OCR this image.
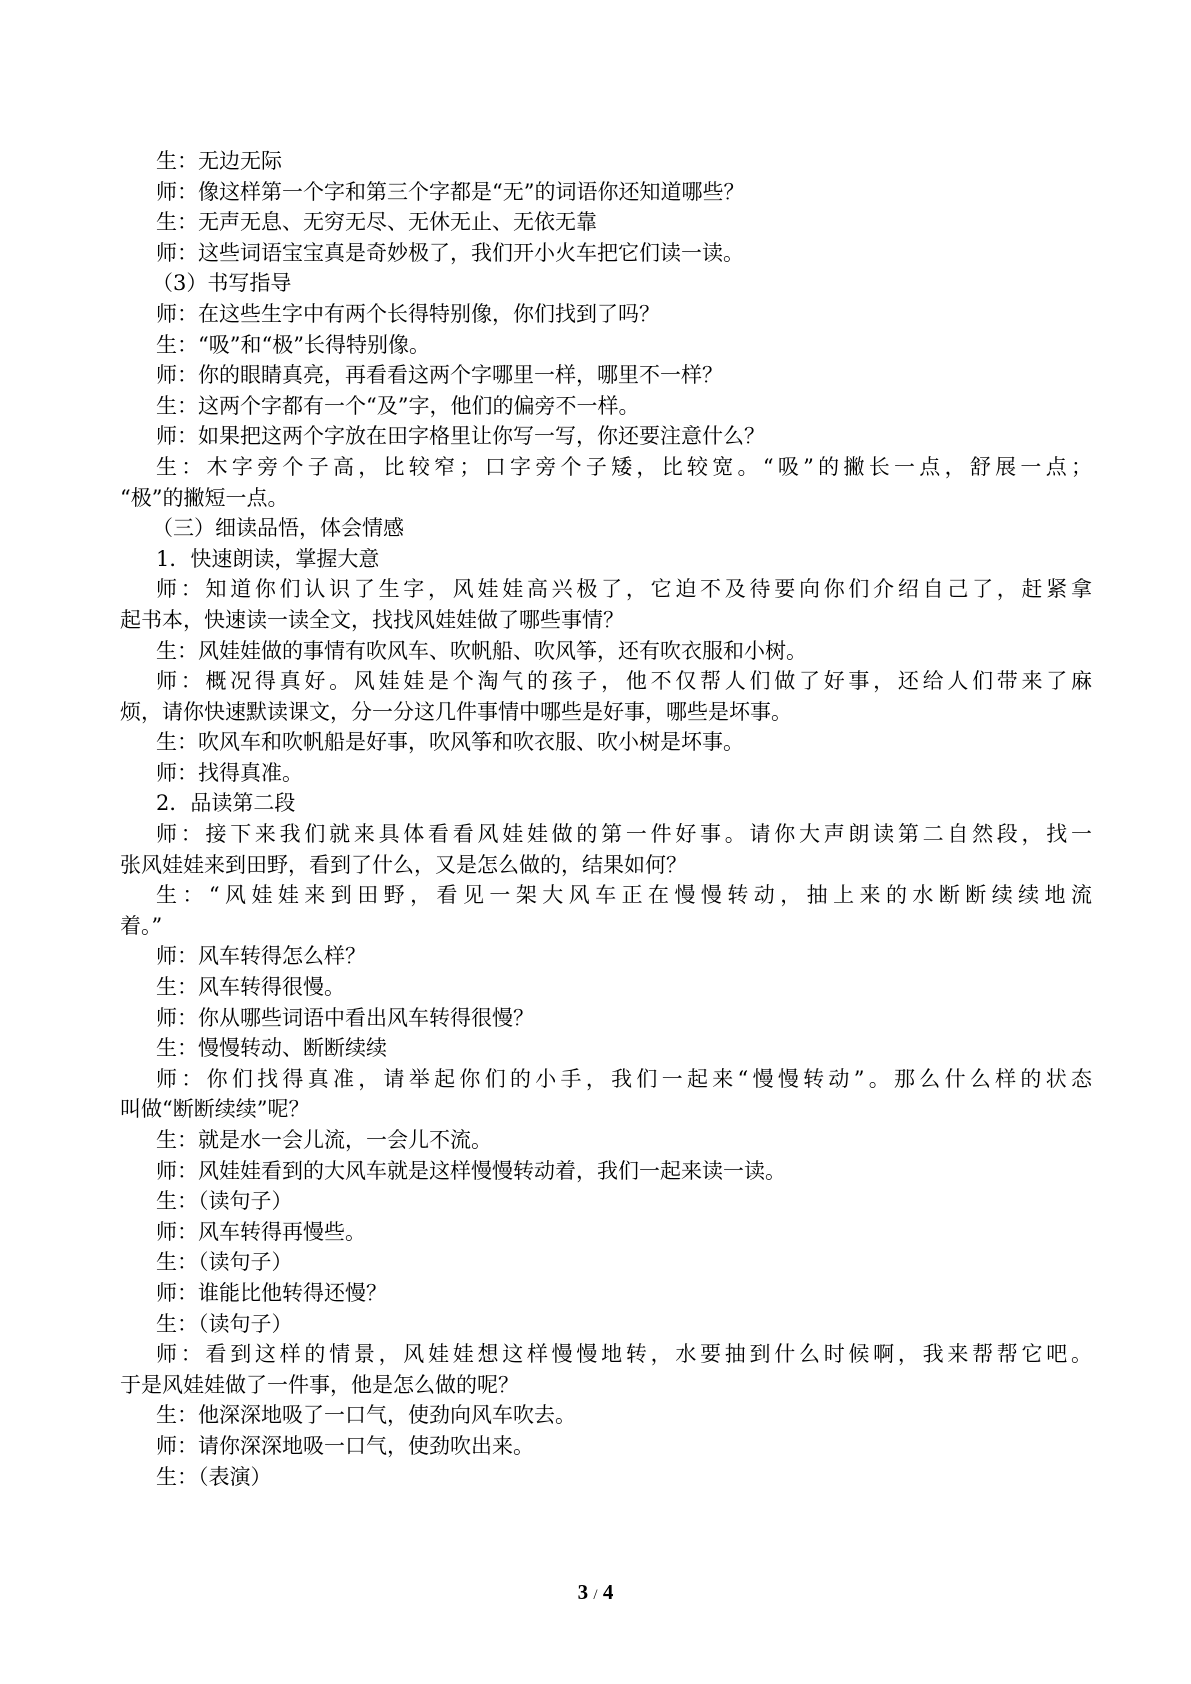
生：无边无际
师：像这样第一个字和第三个字都是“无”的词语你还知道哪些？
生：无声无息、无穷无尽、无休无止、无依无靠
师：这些词语宝宝真是奇妙极了，我们开小火车把它们读一读。
（3）书写指导
师：在这些生字中有两个长得特别像，你们找到了吗？
生：“吸”和“极”长得特别像。
师：你的眼睛真亮，再看看这两个字哪里一样，哪里不一样？
生：这两个字都有一个“及”字，他们的偏旁不一样。
师：如果把这两个字放在田字格里让你写一写，你还要注意什么？
生：木字旁个子高，比较窄；口字旁个子矮，比较宽。“吸”的撇长一点，舒展一点；
“极”的撇短一点。
（三）细读品悟，体会情感
1．快速朗读，掌握大意
师：知道你们认识了生字，风娃娃高兴极了，它迫不及待要向你们介绍自己了，赶紧拿
起书本，快速读一读全文，找找风娃娃做了哪些事情？
生：风娃娃做的事情有吹风车、吹帆船、吹风筝，还有吹衣服和小树。
师：概况得真好。风娃娃是个淘气的孩子，他不仅帮人们做了好事，还给人们带来了麻
烦，请你快速默读课文，分一分这几件事情中哪些是好事，哪些是坏事。
生：吹风车和吹帆船是好事，吹风筝和吹衣服、吹小树是坏事。
师：找得真准。
2．品读第二段
师：接下来我们就来具体看看风娃娃做的第一件好事。请你大声朗读第二自然段，找一
张风娃娃来到田野，看到了什么，又是怎么做的，结果如何？
生：“风娃娃来到田野，看见一架大风车正在慢慢转动，抽上来的水断断续续地流
着。”
师：风车转得怎么样？
生：风车转得很慢。
师：你从哪些词语中看出风车转得很慢？
生：慢慢转动、断断续续
师：你们找得真准，请举起你们的小手，我们一起来“慢慢转动”。那么什么样的状态
叫做“断断续续”呢？
生：就是水一会儿流，一会儿不流。
师：风娃娃看到的大风车就是这样慢慢转动着，我们一起来读一读。
生：（读句子）
师：风车转得再慢些。
生：（读句子）
师：谁能比他转得还慢？
生：（读句子）
师：看到这样的情景，风娃娃想这样慢慢地转，水要抽到什么时候啊，我来帮帮它吧。
于是风娃娃做了一件事，他是怎么做的呢？
生：他深深地吸了一口气，使劲向风车吹去。
师：请你深深地吸一口气，使劲吹出来。
生：（表演）
3 / 4
